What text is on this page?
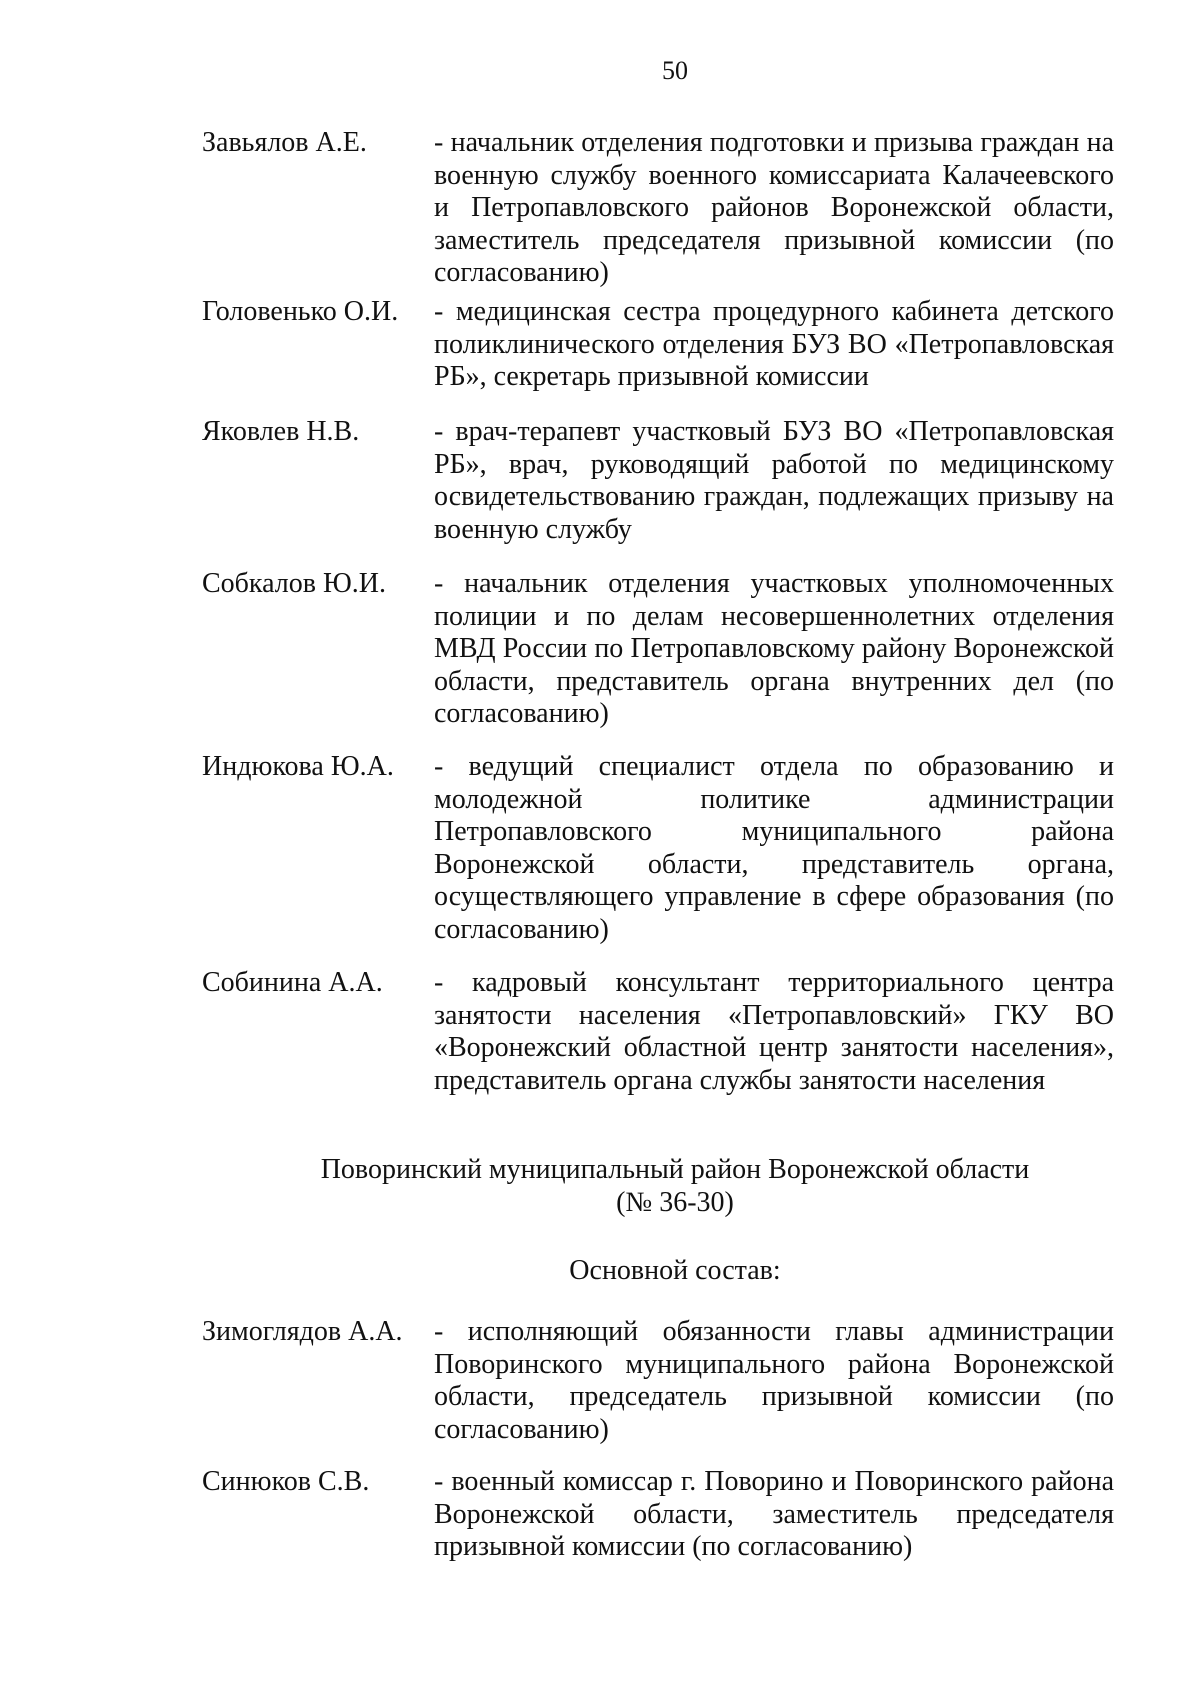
50
Завьялов А.Е. - начальник отделения подготовки и призыва граждан на военную службу военного комиссариата Калачеевского и Петропавловского районов Воронежской области, заместитель председателя призывной комиссии (по согласованию)
Головенько О.И. - медицинская сестра процедурного кабинета детского поликлинического отделения БУЗ ВО «Петропавловская РБ», секретарь призывной комиссии
Яковлев Н.В.	- врач-терапевт участковый БУЗ ВО «Петропавловская РБ», врач, руководящий работой по медицинскому освидетельствованию граждан, подлежащих призыву на военную службу
Собкалов Ю.И. - начальник отделения участковых уполномоченных полиции и по делам несовершеннолетних отделения МВД России по Петропавловскому району Воронежской области, представитель органа внутренних дел (по согласованию)
Индюкова Ю.А. - ведущий специалист отдела по образованию и молодежной политике администрации Петропавловского муниципального района Воронежской области, представитель органа, осуществляющего управление в сфере образования (по согласованию)
Собинина А.А. - кадровый консультант территориального центра занятости населения «Петропавловский» ГКУ ВО «Воронежский областной центр занятости населения», представитель органа службы занятости населения
Поворинский муниципальный район Воронежской области
(№ 36-30)
Основной состав:
Зимоглядов А.А. - исполняющий обязанности главы администрации Поворинского муниципального района Воронежской области, председатель призывной комиссии (по согласованию)
Синюков С.В. - военный комиссар г. Поворино и Поворинского района Воронежской области, заместитель председателя призывной комиссии (по согласованию)
